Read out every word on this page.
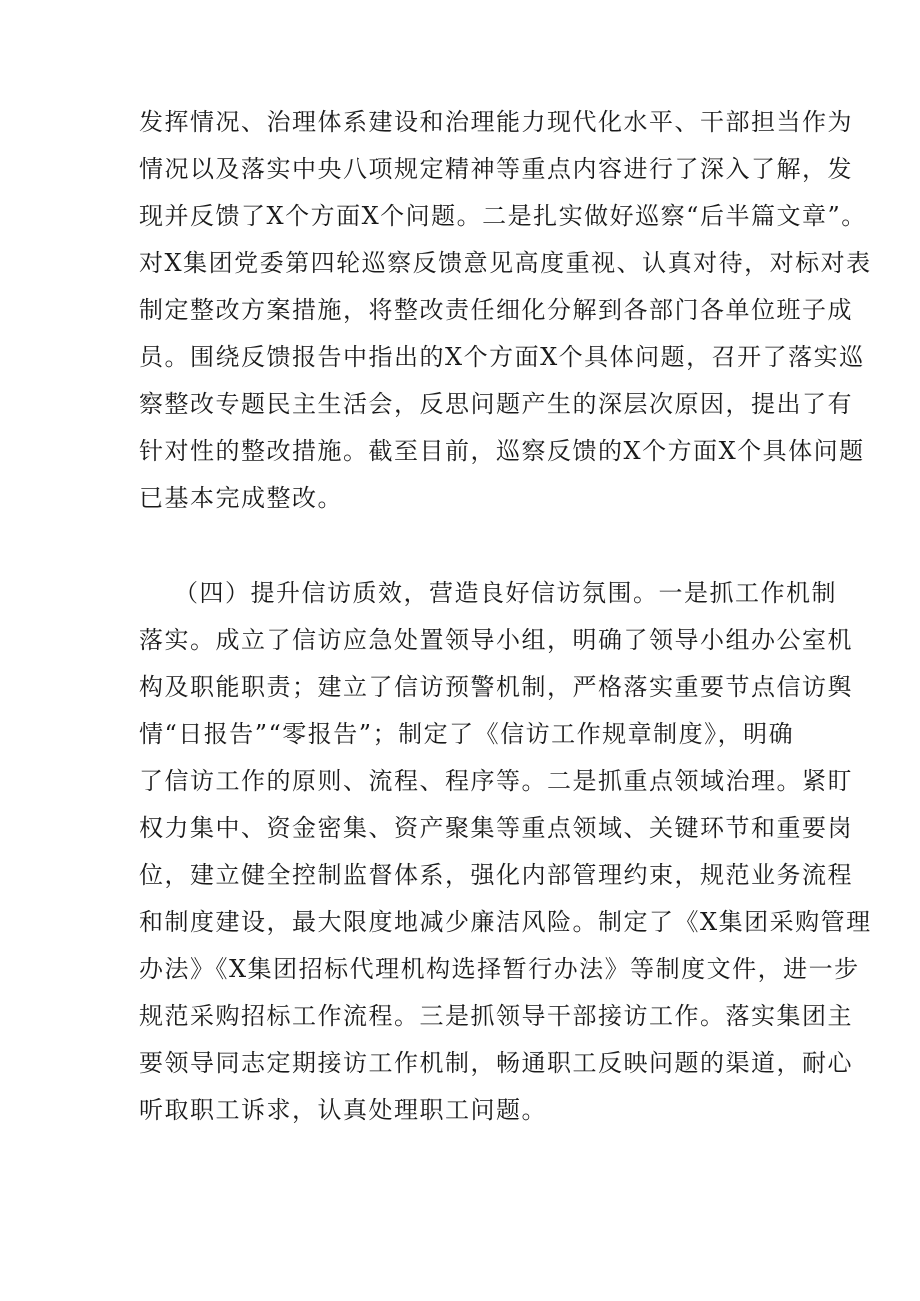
发挥情况、治理体系建设和治理能力现代化水平、干部担当作为
情况以及落实中央八项规定精神等重点内容进行了深入了解，发
现并反馈了X个方面X个问题。二是扎实做好巡察“后半篇文章”。
对X集团党委第四轮巡察反馈意见高度重视、认真对待，对标对表
制定整改方案措施，将整改责任细化分解到各部门各单位班子成
员。围绕反馈报告中指出的X个方面X个具体问题，召开了落实巡
察整改专题民主生活会，反思问题产生的深层次原因，提出了有
针对性的整改措施。截至目前，巡察反馈的X个方面X个具体问题
已基本完成整改。
（四）提升信访质效，营造良好信访氛围。一是抓工作机制
落实。成立了信访应急处置领导小组，明确了领导小组办公室机
构及职能职责；建立了信访预警机制，严格落实重要节点信访舆
情“日报告”“零报告”；制定了《信访工作规章制度》，明确
了信访工作的原则、流程、程序等。二是抓重点领域治理。紧盯
权力集中、资金密集、资产聚集等重点领域、关键环节和重要岗
位，建立健全控制监督体系，强化内部管理约束，规范业务流程
和制度建设，最大限度地减少廉洁风险。制定了《X集团采购管理
办法》《X集团招标代理机构选择暂行办法》等制度文件，进一步
规范采购招标工作流程。三是抓领导干部接访工作。落实集团主
要领导同志定期接访工作机制，畅通职工反映问题的渠道，耐心
听取职工诉求，认真处理职工问题。
